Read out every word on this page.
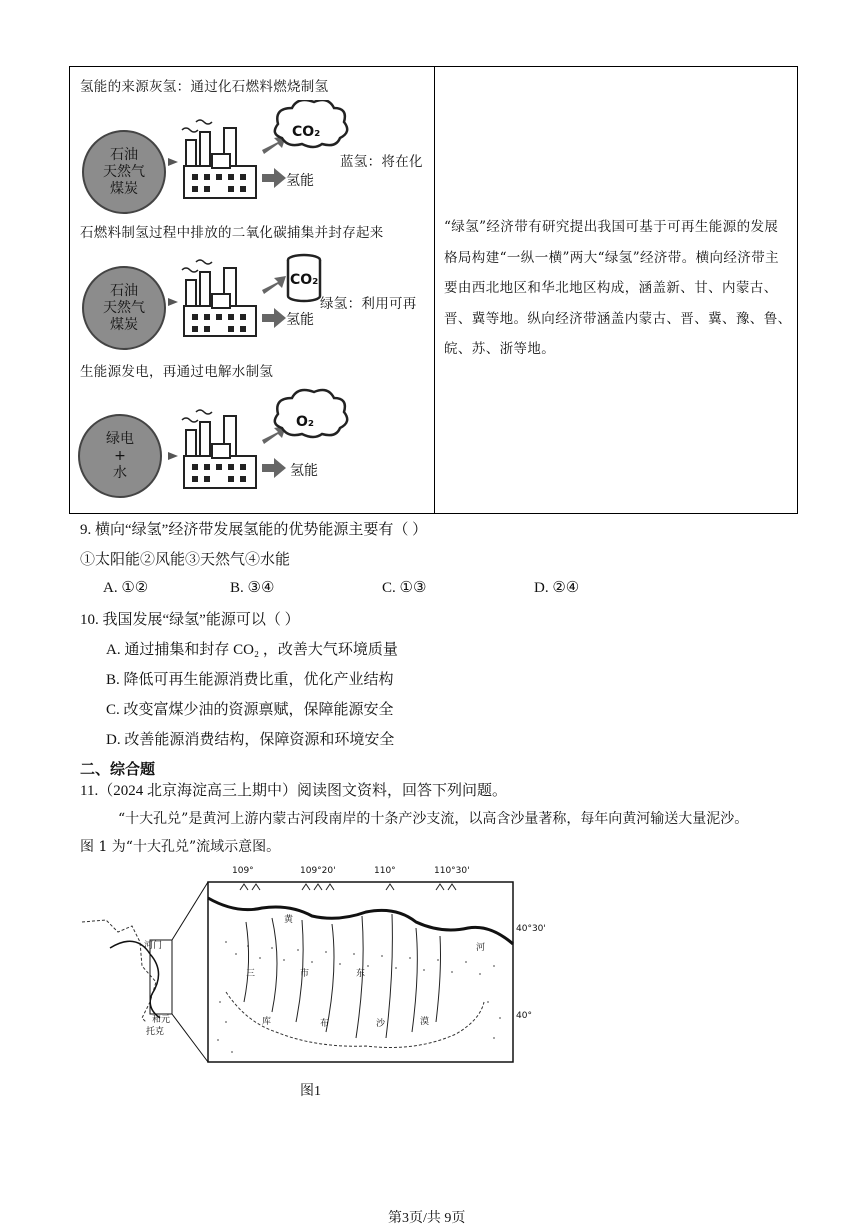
氢能的来源灰氢：通过化石燃料燃烧制氢
石油
天然气
煤炭
CO₂
氢能
蓝氢：将在化
石燃料制氢过程中排放的二氧化碳捕集并封存起来
石油
天然气
煤炭
CO₂
氢能
绿氢：利用可再
生能源发电，再通过电解水制氢
绿电
+
水
O₂
氢能
“绿氢”经济带有研究提出我国可基于可再生能源的发展格局构建“一纵一横”两大“绿氢”经济带。横向经济带主要由西北地区和华北地区构成，涵盖新、甘、内蒙古、晋、冀等地。纵向经济带涵盖内蒙古、晋、冀、豫、鲁、皖、苏、浙等地。
9. 横向“绿氢”经济带发展氢能的优势能源主要有（ ）
①太阳能②风能③天然气④水能
A. ①②	B. ③④	C. ①③	D. ②④
10. 我国发展“绿氢”能源可以（ ）
A. 通过捕集和封存 CO₂ ，改善大气环境质量
B. 降低可再生能源消费比重，优化产业结构
C. 改变富煤少油的资源禀赋，保障能源安全
D. 改善能源消费结构，保障资源和环境安全
二、综合题
11.（2024 北京海淀高三上期中）阅读图文资料，回答下列问题。
“十大孔兑”是黄河上游内蒙古河段南岸的十条产沙支流，以高含沙量著称，每年向黄河输送大量泥沙。
图 1 为“十大孔兑”流域示意图。
109°	109°20'	110°	110°30'
40°30'
40°
河
三	市	东
库	布	沙	漠
黄
河门
和元
托克
图1
第3页/共 9页
